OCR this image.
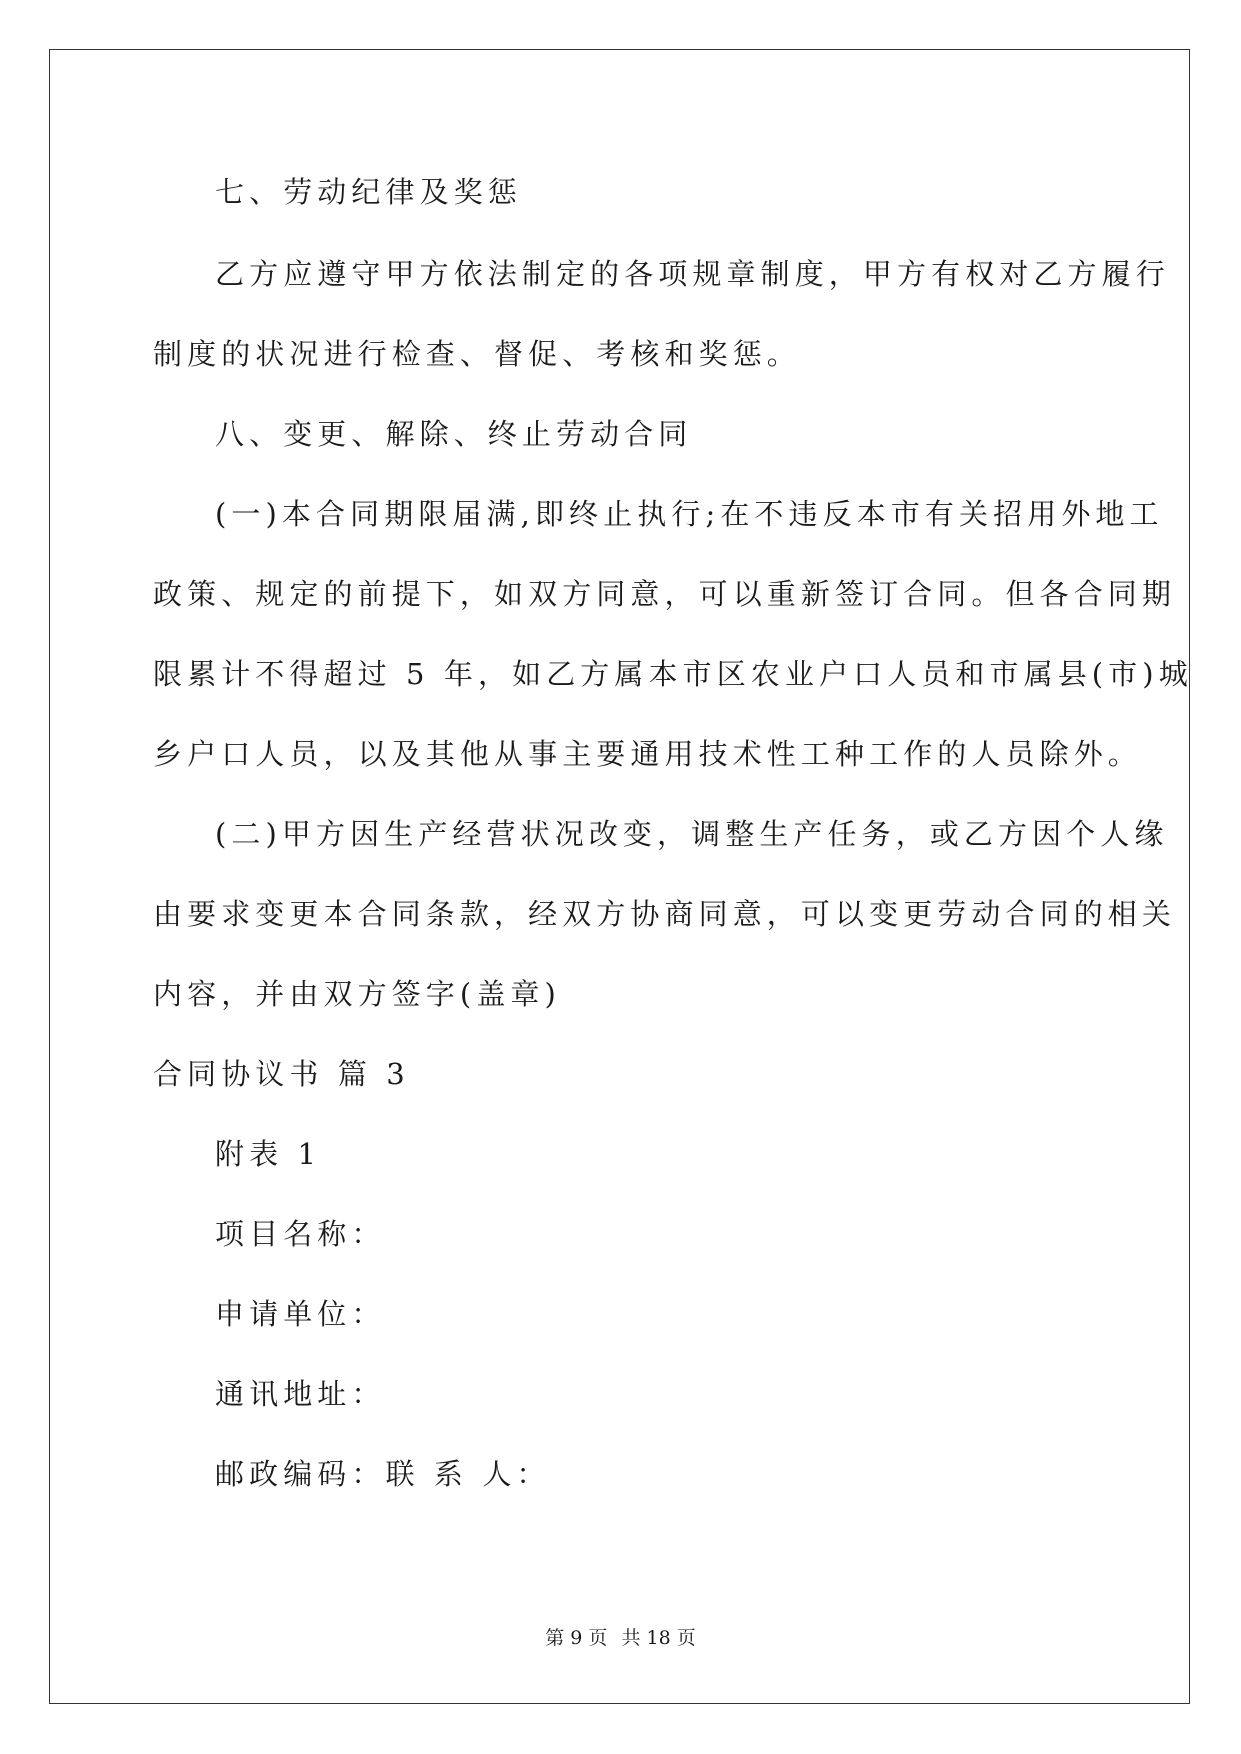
七、劳动纪律及奖惩
乙方应遵守甲方依法制定的各项规章制度，甲方有权对乙方履行
制度的状况进行检查、督促、考核和奖惩。
八、变更、解除、终止劳动合同
(一)本合同期限届满,即终止执行;在不违反本市有关招用外地工
政策、规定的前提下，如双方同意，可以重新签订合同。但各合同期
限累计不得超过 5 年，如乙方属本市区农业户口人员和市属县(市)城
乡户口人员，以及其他从事主要通用技术性工种工作的人员除外。
(二)甲方因生产经营状况改变，调整生产任务，或乙方因个人缘
由要求变更本合同条款，经双方协商同意，可以变更劳动合同的相关
内容，并由双方签字(盖章)
合同协议书 篇 3
附表 1
项目名称：
申请单位：
通讯地址：
邮政编码：联 系 人：
第 9 页 共 18 页
